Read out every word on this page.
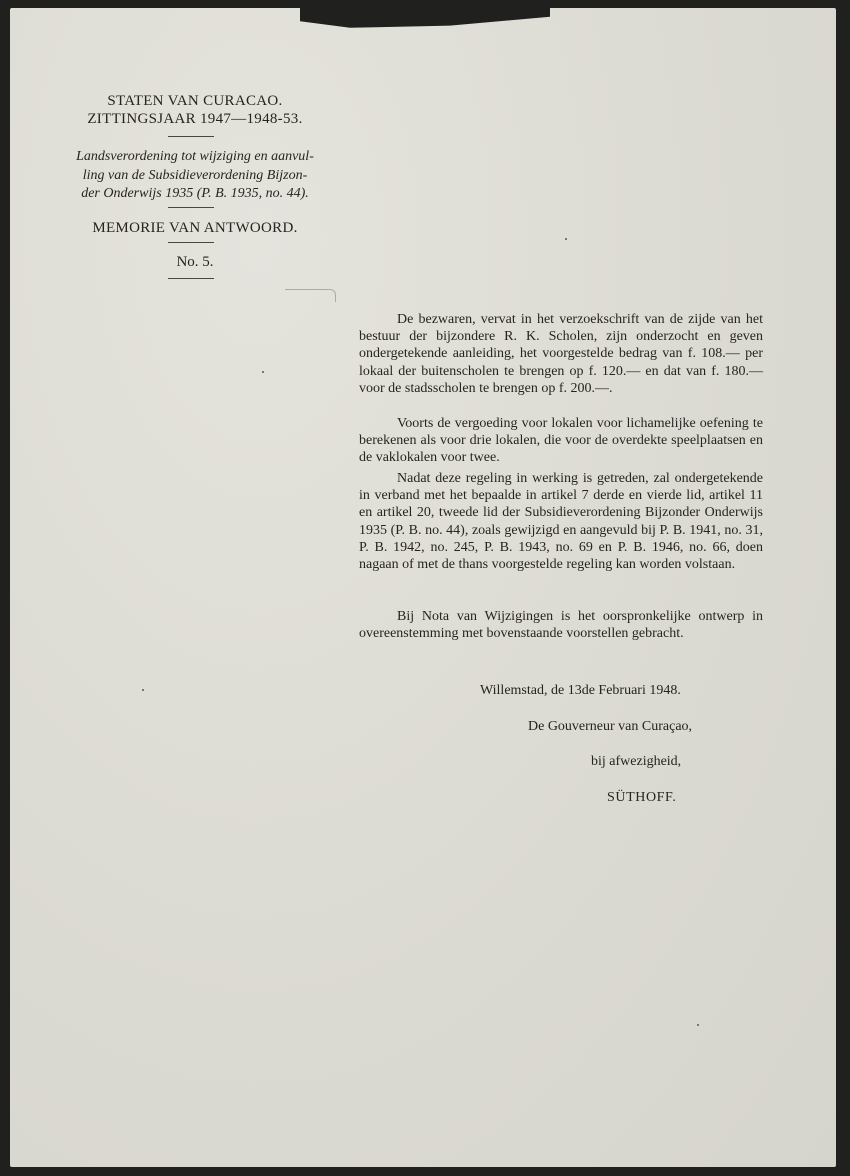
STATEN VAN CURACAO.
ZITTINGSJAAR 1947—1948-53.
Landsverordening tot wijziging en aanvul-
ling van de Subsidieverordening Bijzon-
der Onderwijs 1935 (P. B. 1935, no. 44).
MEMORIE VAN ANTWOORD.
No. 5.
De bezwaren, vervat in het verzoekschrift van de zijde van het bestuur der bijzondere R. K. Scholen, zijn onderzocht en geven ondergetekende aanleiding, het voorgestelde bedrag van f. 108.— per lokaal der buitenscholen te brengen op f. 120.— en dat van f. 180.— voor de stadsscholen te brengen op f. 200.—.
Voorts de vergoeding voor lokalen voor lichamelijke oefening te berekenen als voor drie lokalen, die voor de overdekte speelplaatsen en de vaklokalen voor twee.
Nadat deze regeling in werking is getreden, zal ondergetekende in verband met het bepaalde in artikel 7 derde en vierde lid, artikel 11 en artikel 20, tweede lid der Subsidieverordening Bijzonder Onderwijs 1935 (P. B. no. 44), zoals gewijzigd en aangevuld bij P. B. 1941, no. 31, P. B. 1942, no. 245, P. B. 1943, no. 69 en P. B. 1946, no. 66, doen nagaan of met de thans voorgestelde regeling kan worden volstaan.
Bij Nota van Wijzigingen is het oorspronkelijke ontwerp in overeenstemming met bovenstaande voorstellen gebracht.
Willemstad, de 13de Februari 1948.
De Gouverneur van Curaçao,
bij afwezigheid,
SÜTHOFF.
